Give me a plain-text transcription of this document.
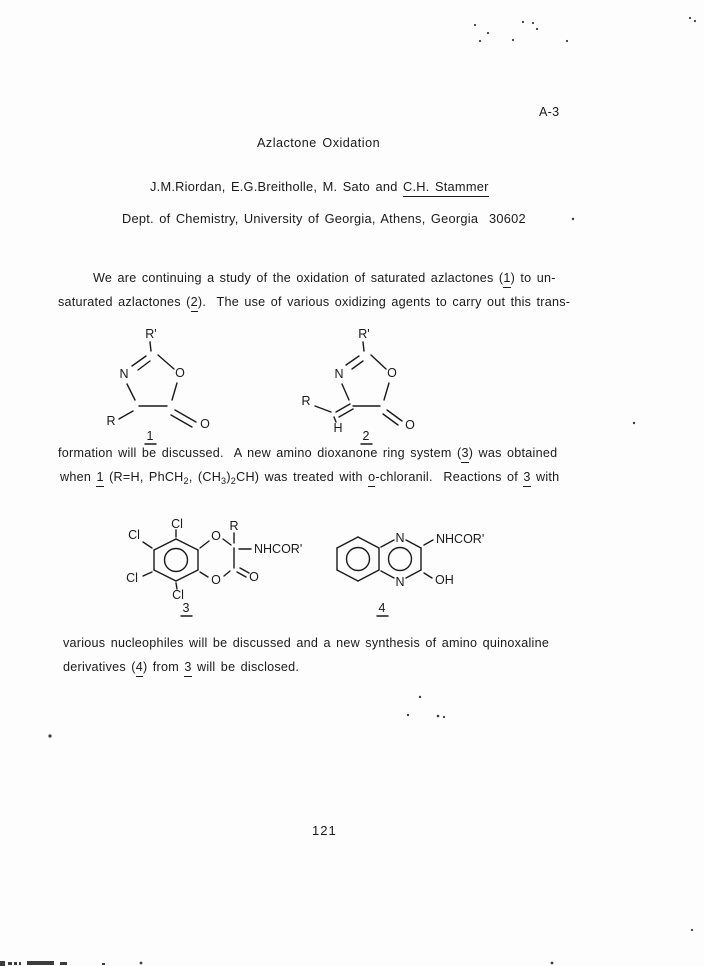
R'
N	O
R	O
1
R'
N	O
R
H	O
2
Cl
Cl
Cl
Cl
O
O
R
NHCOR'
O
3
N
N
NHCOR'
OH
4
A-3
Azlactone Oxidation
J.M.Riordan, E.G.Breitholle, M. Sato and C.H. Stammer
Dept. of Chemistry, University of Georgia, Athens, Georgia  30602
We are continuing a study of the oxidation of saturated azlactones (1) to un-
saturated azlactones (2).  The use of various oxidizing agents to carry out this trans-
formation will be discussed.  A new amino dioxanone ring system (3) was obtained
when 1 (R=H, PhCH$_2$, $(CH_3)_2CH$) was treated with o-chloranil.  Reactions of 3 with
various nucleophiles will be discussed and a new synthesis of amino quinoxaline
derivatives (4) from 3 will be disclosed.
121
